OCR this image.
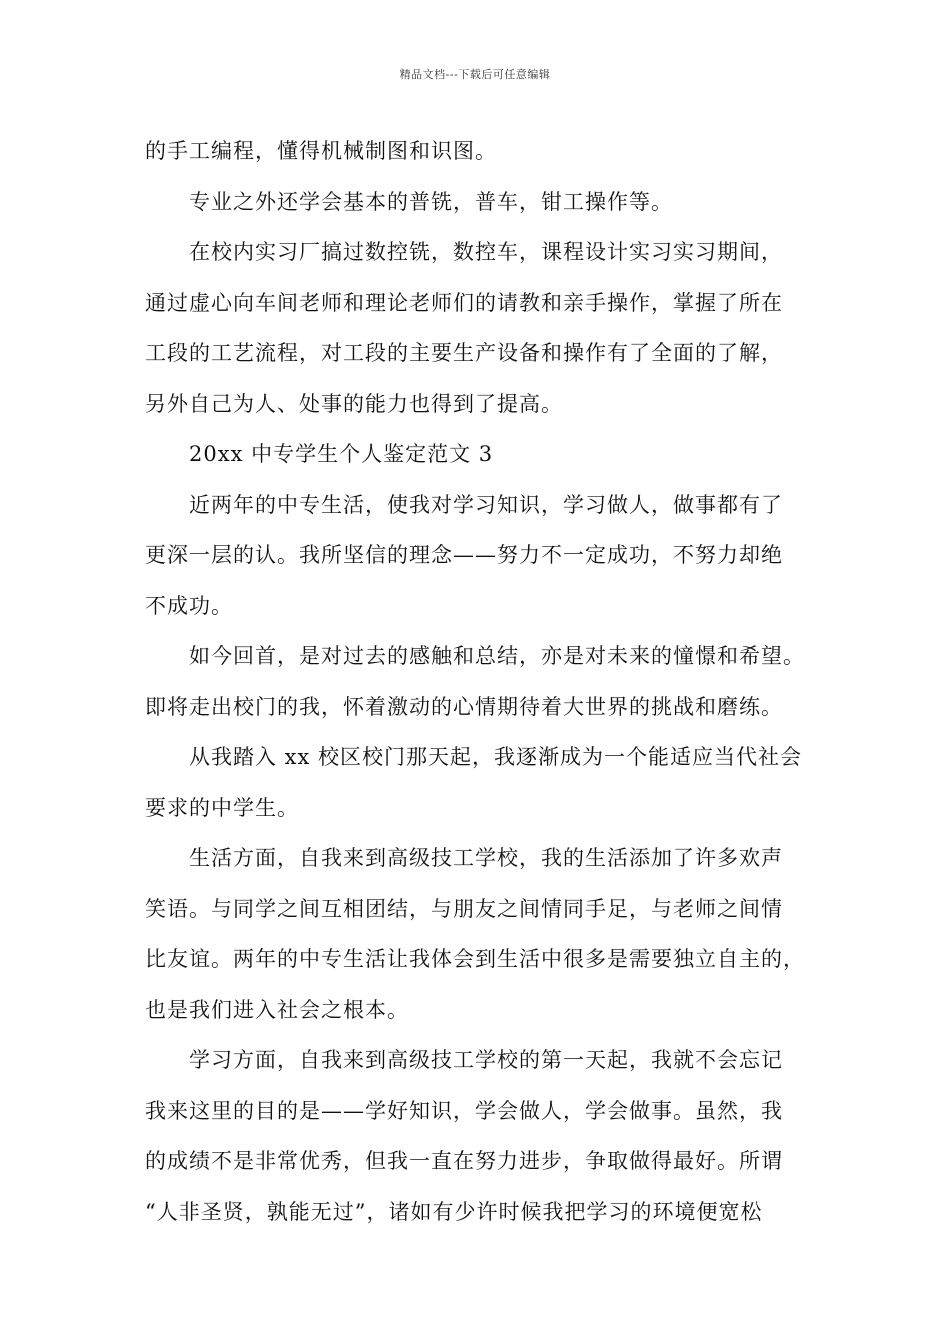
精品文档---下载后可任意编辑
的手工编程，懂得机械制图和识图。
专业之外还学会基本的普铣，普车，钳工操作等。
在校内实习厂搞过数控铣，数控车，课程设计实习实习期间，
通过虚心向车间老师和理论老师们的请教和亲手操作，掌握了所在
工段的工艺流程，对工段的主要生产设备和操作有了全面的了解，
另外自己为人、处事的能力也得到了提高。
20xx 中专学生个人鉴定范文 3
近两年的中专生活，使我对学习知识，学习做人，做事都有了
更深一层的认。我所坚信的理念——努力不一定成功，不努力却绝
不成功。
如今回首，是对过去的感触和总结，亦是对未来的憧憬和希望。
即将走出校门的我，怀着激动的心情期待着大世界的挑战和磨练。
从我踏入 xx 校区校门那天起，我逐渐成为一个能适应当代社会
要求的中学生。
生活方面，自我来到高级技工学校，我的生活添加了许多欢声
笑语。与同学之间互相团结，与朋友之间情同手足，与老师之间情
比友谊。两年的中专生活让我体会到生活中很多是需要独立自主的，
也是我们进入社会之根本。
学习方面，自我来到高级技工学校的第一天起，我就不会忘记
我来这里的目的是——学好知识，学会做人，学会做事。虽然，我
的成绩不是非常优秀，但我一直在努力进步，争取做得最好。所谓
“人非圣贤，孰能无过”，诸如有少许时候我把学习的环境便宽松
